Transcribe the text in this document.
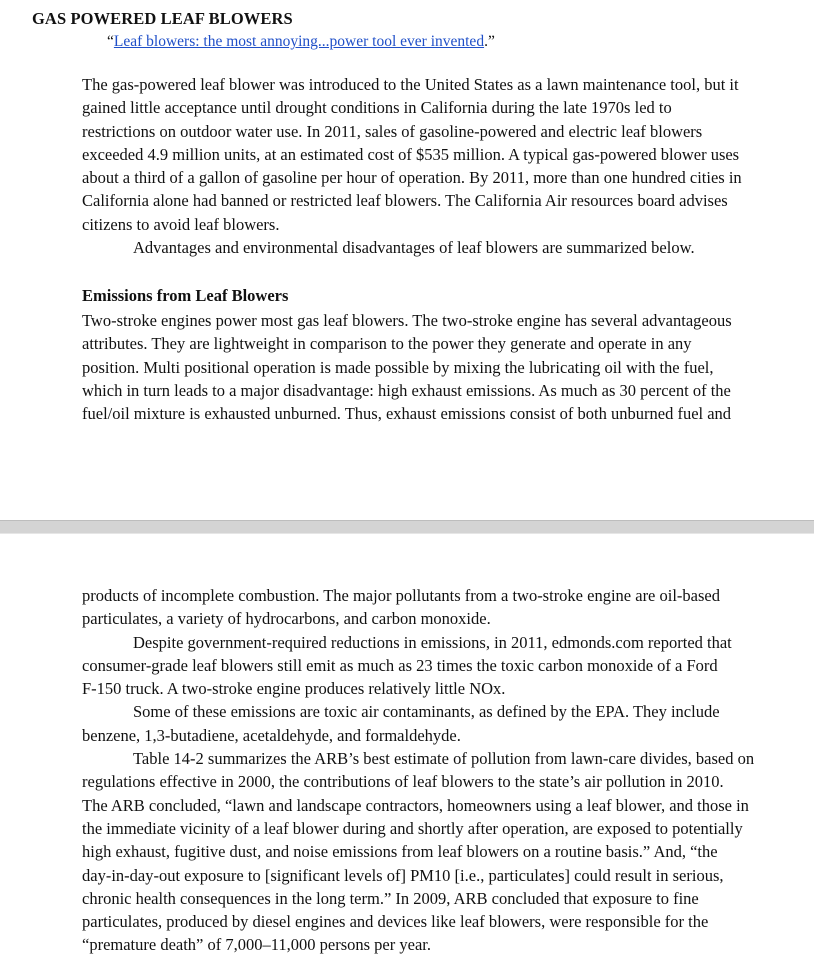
GAS POWERED LEAF BLOWERS
“Leaf blowers: the most annoying...power tool ever invented.”

The gas-powered leaf blower was introduced to the United States as a lawn maintenance tool, but it
gained little acceptance until drought conditions in California during the late 1970s led to
restrictions on outdoor water use. In 2011, sales of gasoline-powered and electric leaf blowers
exceeded 4.9 million units, at an estimated cost of $535 million. A typical gas-powered blower uses
about a third of a gallon of gasoline per hour of operation. By 2011, more than one hundred cities in
California alone had banned or restricted leaf blowers. The California Air resources board advises
citizens to avoid leaf blowers.
Advantages and environmental disadvantages of leaf blowers are summarized below.

Emissions from Leaf Blowers

Two-stroke engines power most gas leaf blowers. The two-stroke engine has several advantageous
attributes. They are lightweight in comparison to the power they generate and operate in any
position. Multi positional operation is made possible by mixing the lubricating oil with the fuel,
which in turn leads to a major disadvantage: high exhaust emissions. As much as 30 percent of the
fuel/oil mixture is exhausted unburned. Thus, exhaust emissions consist of both unburned fuel and

products of incomplete combustion. The major pollutants from a two-stroke engine are oil-based
particulates, a variety of hydrocarbons, and carbon monoxide.
Despite government-required reductions in emissions, in 2011, edmonds.com reported that
consumer-grade leaf blowers still emit as much as 23 times the toxic carbon monoxide of a Ford
F-150 truck. A two-stroke engine produces relatively little NOx.
Some of these emissions are toxic air contaminants, as defined by the EPA. They include
benzene, 1,3-butadiene, acetaldehyde, and formaldehyde.
Table 14-2 summarizes the ARB’s best estimate of pollution from lawn-care divides, based on
regulations effective in 2000, the contributions of leaf blowers to the state’s air pollution in 2010.
The ARB concluded, “lawn and landscape contractors, homeowners using a leaf blower, and those in
the immediate vicinity of a leaf blower during and shortly after operation, are exposed to potentially
high exhaust, fugitive dust, and noise emissions from leaf blowers on a routine basis.” And, “the
day-in-day-out exposure to [significant levels of] PM10 [i.e., particulates] could result in serious,
chronic health consequences in the long term.” In 2009, ARB concluded that exposure to fine
particulates, produced by diesel engines and devices like leaf blowers, were responsible for the
“premature death” of 7,000–11,000 persons per year.
